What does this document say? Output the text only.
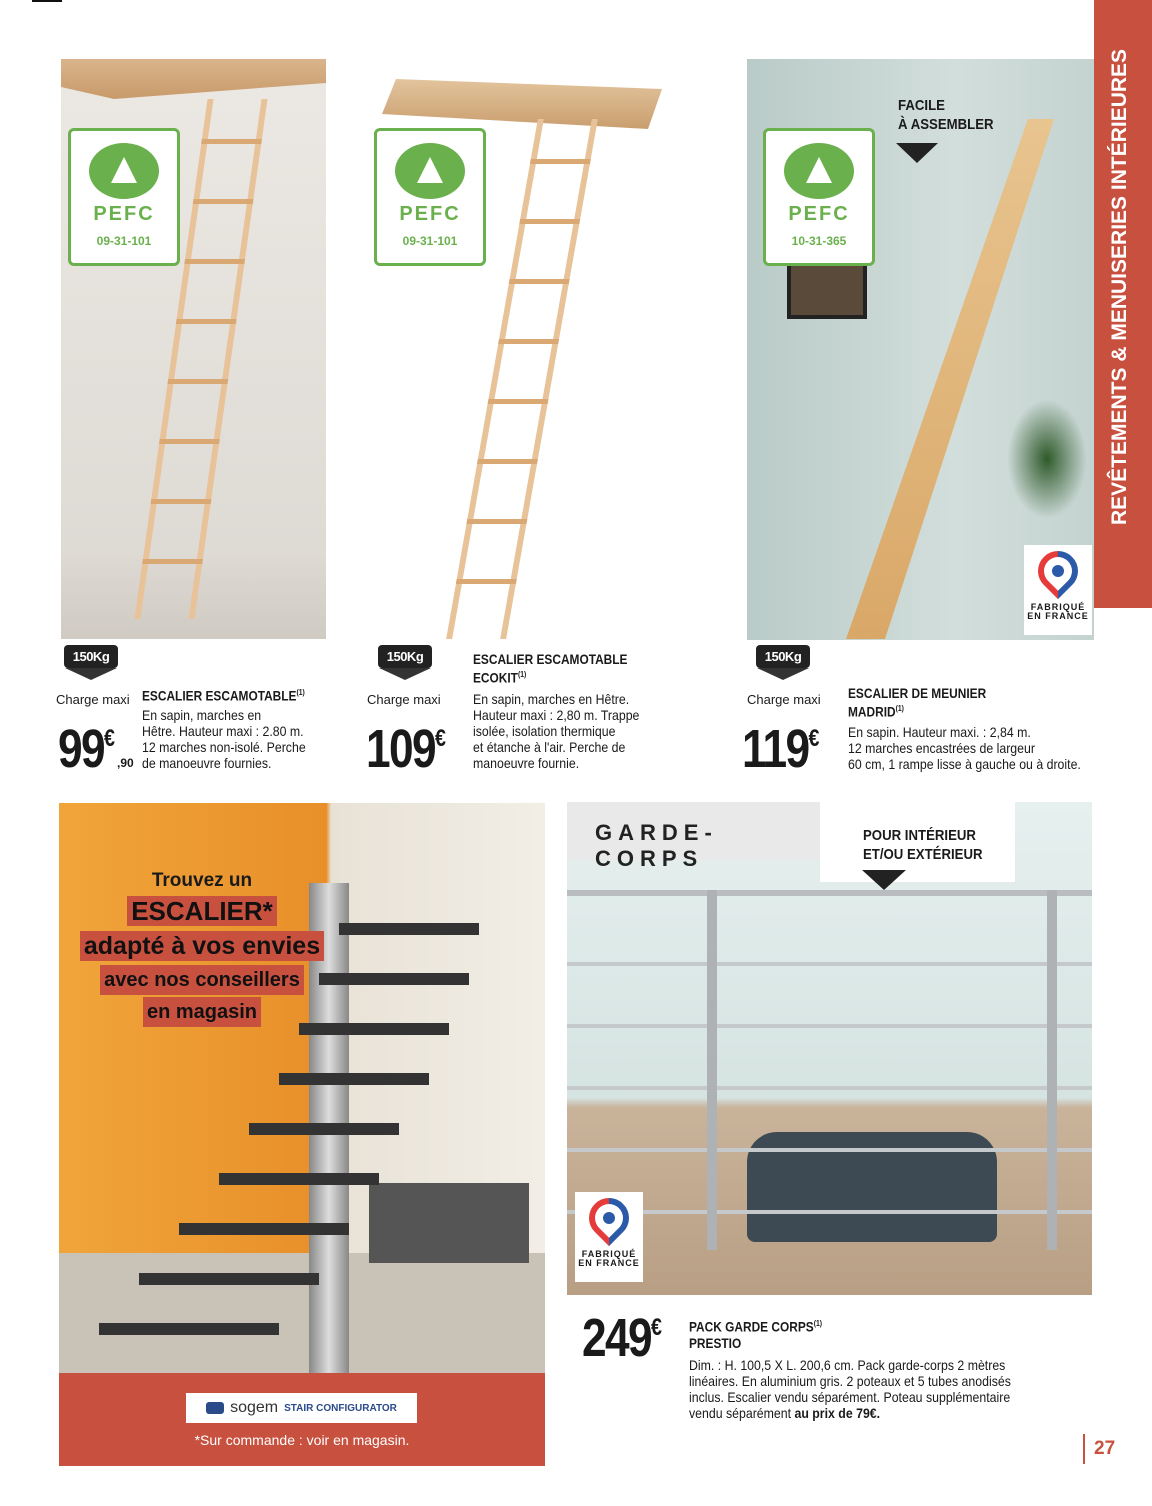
REVÊTEMENTS & MENUISERIES INTÉRIEURES
PEFC
09-31-101
PEFC
09-31-101
PEFC
10-31-365
FACILE
À ASSEMBLER
FABRIQUÉ
EN FRANCE
150Kg
Charge maxi ESCALIER ESCAMOTABLE$^{(1)}$
En sapin, marches en
Hêtre. Hauteur maxi : 2.80 m.
12 marches non-isolé. Perche
de manoeuvre fournies.
99€
,90
150Kg
Charge maxi
ESCALIER ESCAMOTABLE
ECOKIT$^{(1)}$
En sapin, marches en Hêtre.
Hauteur maxi : 2,80 m. Trappe
isolée, isolation thermique
et étanche à l'air. Perche de
manoeuvre fournie.
109€
150Kg
Charge maxi ESCALIER DE MEUNIER
MADRID$^{(1)}$
En sapin. Hauteur maxi. : 2,84 m.
12 marches encastrées de largeur
60 cm, 1 rampe lisse à gauche ou à droite.
119€
Trouvez un
ESCALIER*
adapté à vos envies
avec nos conseillers
en magasin
sogem STAIR CONFIGURATOR
*Sur commande : voir en magasin.
GARDE-CORPS
POUR INTÉRIEUR
ET/OU EXTÉRIEUR
FABRIQUÉ
EN FRANCE
249€ PACK GARDE CORPS$^{(1)}$
PRESTIO
Dim. : H. 100,5 X L. 200,6 cm. Pack garde-corps 2 mètres
linéaires. En aluminium gris. 2 poteaux et 5 tubes anodisés
inclus. Escalier vendu séparément. Poteau supplémentaire
vendu séparément au prix de 79€.
27
